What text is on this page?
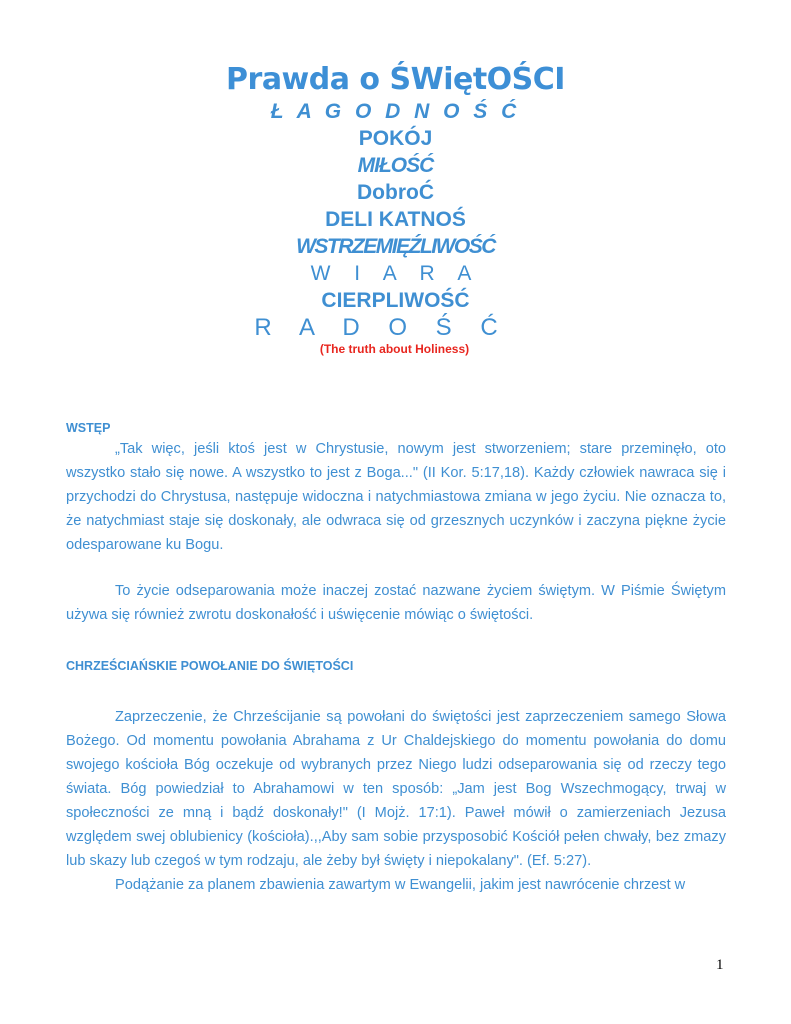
Prawda o ŚWiętOŚCI
Ł A G O D N O Ś Ć
POKÓJ
MIŁOŚĆ
DobroĆ
DELI KATNOŚ
WSTRZEMIĘŹLIWOŚĆ
W I A R A
CIERPLIWOŚĆ
R A D O Ś Ć
(The truth about Holiness)

WSTĘP

„Tak więc, jeśli ktoś jest w Chrystusie, nowym jest stworzeniem; stare przeminęło, oto wszystko stało się nowe. A wszystko to jest z Boga..." (II Kor. 5:17,18). Każdy człowiek nawraca się i przychodzi do Chrystusa, następuje widoczna i natychmiastowa zmiana w jego życiu. Nie oznacza to, że natychmiast staje się doskonały, ale odwraca się od grzesznych uczynków i zaczyna piękne życie odesparowane ku Bogu.

To życie odseparowania może inaczej zostać nazwane życiem świętym. W Piśmie Świętym używa się również zwrotu doskonałość i uświęcenie mówiąc o świętości.

CHRZEŚCIAŃSKIE POWOŁANIE DO ŚWIĘTOŚCI

Zaprzeczenie, że Chrześcijanie są powołani do świętości jest zaprzeczeniem samego Słowa Bożego. Od momentu powołania Abrahama z Ur Chaldejskiego do momentu powołania do domu swojego kościoła Bóg oczekuje od wybranych przez Niego ludzi odseparowania się od rzeczy tego świata. Bóg powiedział to Abrahamowi w ten sposób: „Jam jest Bog Wszechmogący, trwaj w społeczności ze mną i bądź doskonały!" (I Mojż. 17:1). Paweł mówił o zamierzeniach Jezusa względem swej oblubienicy (kościoła).,,Aby sam sobie przysposobić Kościół pełen chwały, bez zmazy lub skazy lub czegoś w tym rodzaju, ale żeby był święty i niepokalany". (Ef. 5:27).

Podążanie za planem zbawienia zawartym w Ewangelii, jakim jest nawrócenie chrzest w

1
